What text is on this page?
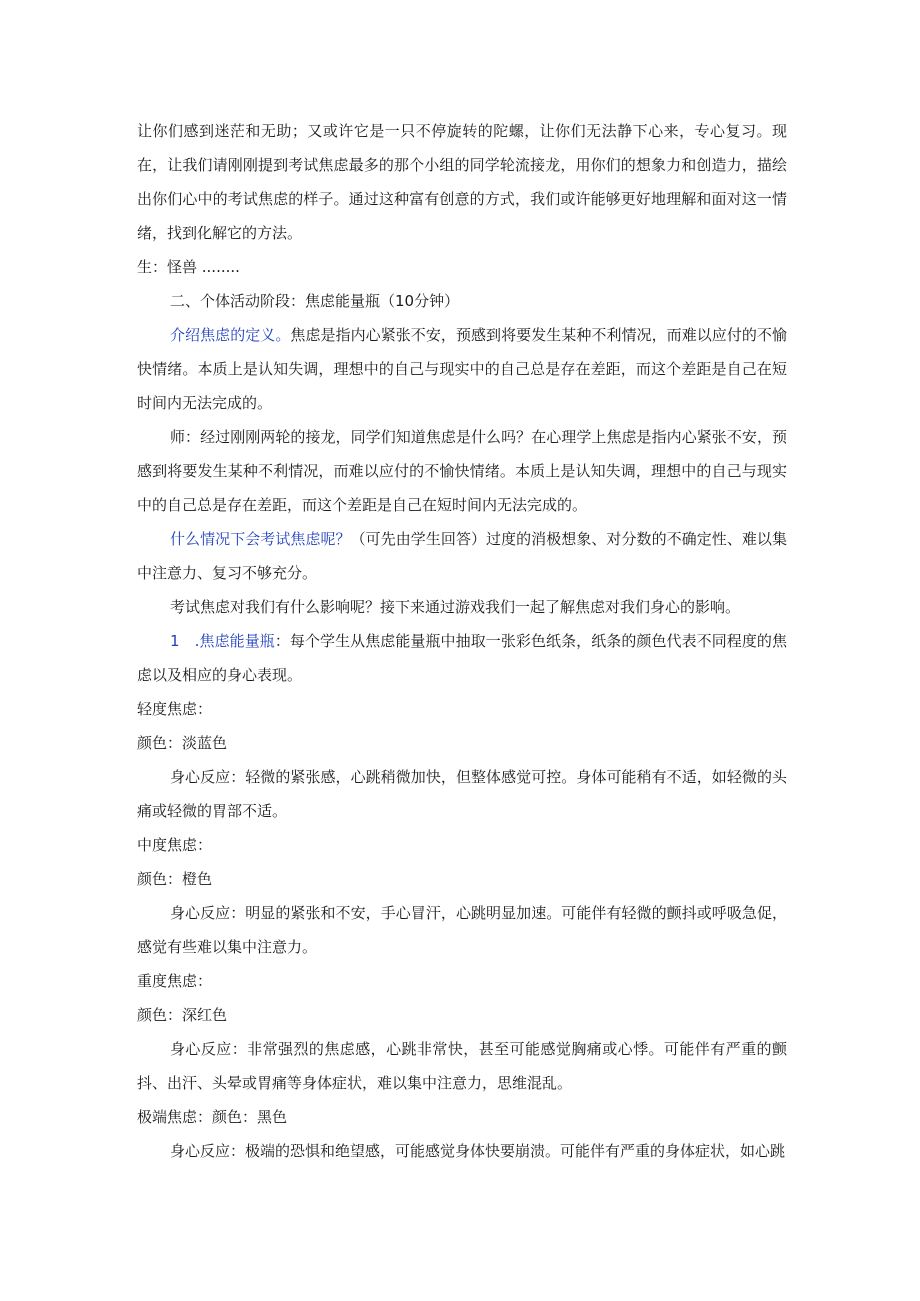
让你们感到迷茫和无助；又或许它是一只不停旋转的陀螺，让你们无法静下心来，专心复习。现在，让我们请刚刚提到考试焦虑最多的那个小组的同学轮流接龙，用你们的想象力和创造力，描绘出你们心中的考试焦虑的样子。通过这种富有创意的方式，我们或许能够更好地理解和面对这一情绪，找到化解它的方法。

生：怪兽 ........

二、个体活动阶段：焦虑能量瓶（10分钟）

介绍焦虑的定义。焦虑是指内心紧张不安，预感到将要发生某种不利情况，而难以应付的不愉快情绪。本质上是认知失调，理想中的自己与现实中的自己总是存在差距，而这个差距是自己在短时间内无法完成的。

师：经过刚刚两轮的接龙，同学们知道焦虑是什么吗？在心理学上焦虑是指内心紧张不安，预感到将要发生某种不利情况，而难以应付的不愉快情绪。本质上是认知失调，理想中的自己与现实中的自己总是存在差距，而这个差距是自己在短时间内无法完成的。

什么情况下会考试焦虑呢？（可先由学生回答）过度的消极想象、对分数的不确定性、难以集中注意力、复习不够充分。

考试焦虑对我们有什么影响呢？接下来通过游戏我们一起了解焦虑对我们身心的影响。

1　.焦虑能量瓶：每个学生从焦虑能量瓶中抽取一张彩色纸条，纸条的颜色代表不同程度的焦虑以及相应的身心表现。

轻度焦虑：

颜色：淡蓝色

身心反应：轻微的紧张感，心跳稍微加快，但整体感觉可控。身体可能稍有不适，如轻微的头痛或轻微的胃部不适。

中度焦虑：

颜色：橙色

身心反应：明显的紧张和不安，手心冒汗，心跳明显加速。可能伴有轻微的颤抖或呼吸急促，感觉有些难以集中注意力。

重度焦虑：

颜色：深红色

身心反应：非常强烈的焦虑感，心跳非常快，甚至可能感觉胸痛或心悸。可能伴有严重的颤抖、出汗、头晕或胃痛等身体症状，难以集中注意力，思维混乱。

极端焦虑：颜色：黑色

身心反应：极端的恐惧和绝望感，可能感觉身体快要崩溃。可能伴有严重的身体症状，如心跳
